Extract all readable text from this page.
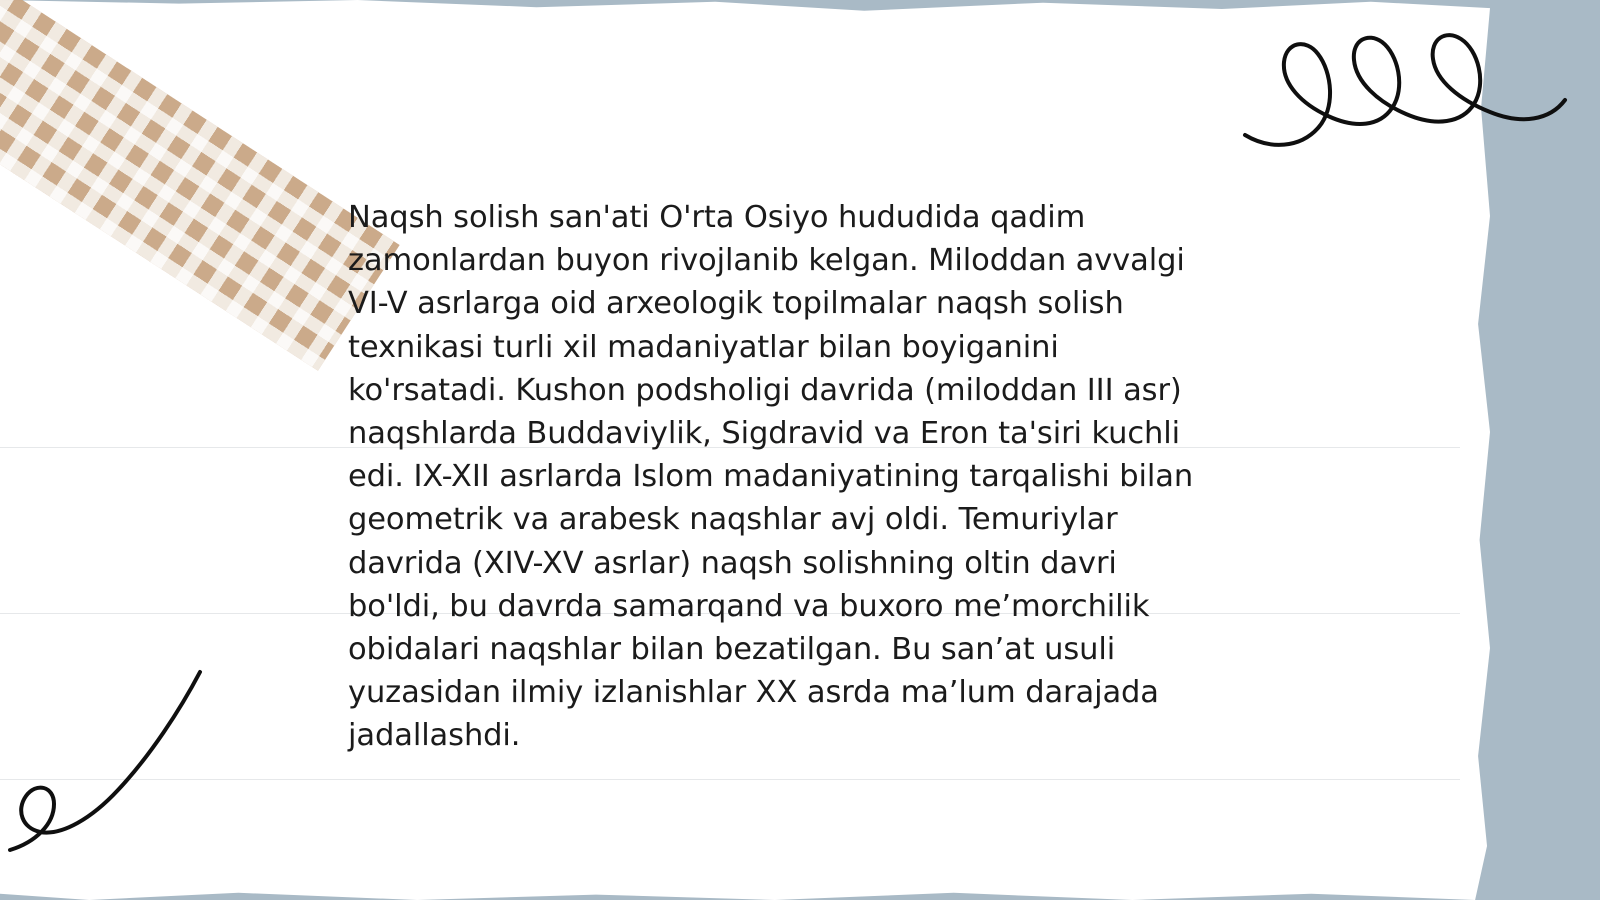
Naqsh solish san'ati O'rta Osiyo hududida qadim zamonlardan buyon rivojlanib kelgan. Miloddan avvalgi VI-V asrlarga oid arxeologik topilmalar naqsh solish texnikasi turli xil madaniyatlar bilan boyiganini ko'rsatadi. Kushon podsholigi davrida (miloddan III asr) naqshlarda Buddaviylik, Sigdravid va Eron ta'siri kuchli edi. IX-XII asrlarda Islom madaniyatining tarqalishi bilan geometrik va arabesk naqshlar avj oldi. Temuriylar davrida (XIV-XV asrlar) naqsh solishning oltin davri bo'ldi, bu davrda samarqand va buxoro me’morchilik obidalari naqshlar bilan bezatilgan. Bu san’at usuli yuzasidan ilmiy izlanishlar XX asrda ma’lum darajada jadallashdi.
